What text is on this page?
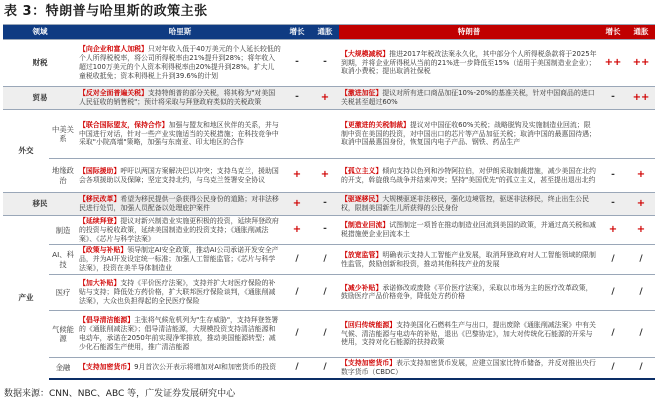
表 3：特朗普与哈里斯的政策主张
领域		哈里斯	增长	通胀	特朗普	增长	通胀
财税		【向企业和富人加税】只对年收入低于40万美元的个人延长较低的个人所得税税率，将公司所得税率由21%提升到28%；将年收入超过100万美元的个人资本利得税率由20%提升到28%。扩大儿童税收抵免；资本利得税上升到39.6%的计划	-	-	【大规模减税】推进2017年税改法案永久化，其中部分个人所得税条款将于2025年到期，并将企业所得税从当前的21%进一步降低至15%（适用于美国制造业企业）；取消小费税；提出取消社保税	++	++
贸易		【反对全面普遍关税】支持特朗普的部分关税，将其称为"对美国人民征收的销售税"；预计将采取与拜登政府类似的关税政策	-	+	【激进加征】提议对所有进口商品加征10%-20%的基准关税，针对中国商品的进口关税甚至超过60%	-	++
外交	中美关系	【联合国际盟友，保持合作】加强与盟友和地区伙伴的关系，并与中国进行对话，针对一些产业实施适当的关税措施；在科技竞争中采取"小院高墙"策略，加强与东南亚、印太地区的合作			【更激进的关税制裁】提议对中国征收60%关税；战略脱钩及实施制造业回流；限制中资在美国的投资，对中国出口的芯片等产品加征关税；取消中国的最惠国待遇；取消中国最惠国身份，恢复国内电子产品、钢铁、药品生产		
	地缘政治	【国际援助】呼吁以两国方案解决巴以冲突；支持乌克兰，援助国会各项援助以及保障；坚定支持北约，与乌克兰签署安全协议	+	+	【孤立主义】倾向支持以色列和沙特阿拉伯，对伊朗采取制裁措施，减少美国在北约的开支，斡旋俄乌战争并结束冲突；坚持"美国优先"的孤立主义，甚至提出退出北约	-	+
移民		【移民改革】希望为移民提供一条获得公民身份的道路；对非法移民进行处罚，加强人员配备以处理庇护案件	+	-	【驱逐移民】大规模驱逐非法移民，强化边境管控，驱逐非法移民，终止出生公民权，限制美国新生儿所获得的公民身份	-	+
产业	制造	【延续拜登】提议对新兴制造业实施更积极的投资，延续拜登政府的投资与税收政策，延续美国制造业的投资支持；《通胀削减法案》、《芯片与科学法案》	+	-	【制造业回流】试图制定一项旨在推动制造业回流到美国的政策，并通过高关税和减税措施使企业回流本土	+	+
	AI、科技	【政策与补贴】领导制定AI安全政策，推动AI公司承诺开发安全产品，并为AI开发设定统一标准；加强人工智能监管；《芯片与科学法案》，投资在美半导体制造业	/	/	【放宽监管】明确表示支持人工智能产业发展，取消拜登政府对人工智能领域的限制性监管，鼓励创新和投资，推动其他科技产业的发展	/	/
	医疗	【加大补贴】支持《平价医疗法案》，支持并扩大对医疗保险的补贴与支持；降低处方药价格，扩大联邦医疗保险谈判，《通胀削减法案》，大众也负担得起的全民医疗保险	/	/	【减少补贴】承诺修改或废除《平价医疗法案》，采取以市场为主的医疗改革政策，鼓励医疗产品价格竞争，降低处方药价格	/	/
	气候能源	【倡导清洁能源】主张将气候危机列为"生存威胁"，支持拜登签署的《通胀削减法案》；倡导清洁能源，大规模投资支持清洁能源和电动车，承诺在2050年前实现净零排放，推动美国能源转型；减少化石能源生产使用，推广清洁能源	/	/	【回归传统能源】支持美国化石燃料生产与出口，提出废除《通胀削减法案》中有关气候、清洁能源与电动车的补贴，退出《巴黎协定》，加大对传统化石能源的开采与使用，支持对化石能源的扶持政策	/	/
	金融	【支持加密货币】9月首次公开表示将增加对AI和加密货币的投资	/	/	【支持加密货币】表示支持加密货币发展，应建立国家比特币储备，并反对推出央行数字货币（CBDC）	/	/
数据来源：CNN、NBC、ABC 等，广发证券发展研究中心
